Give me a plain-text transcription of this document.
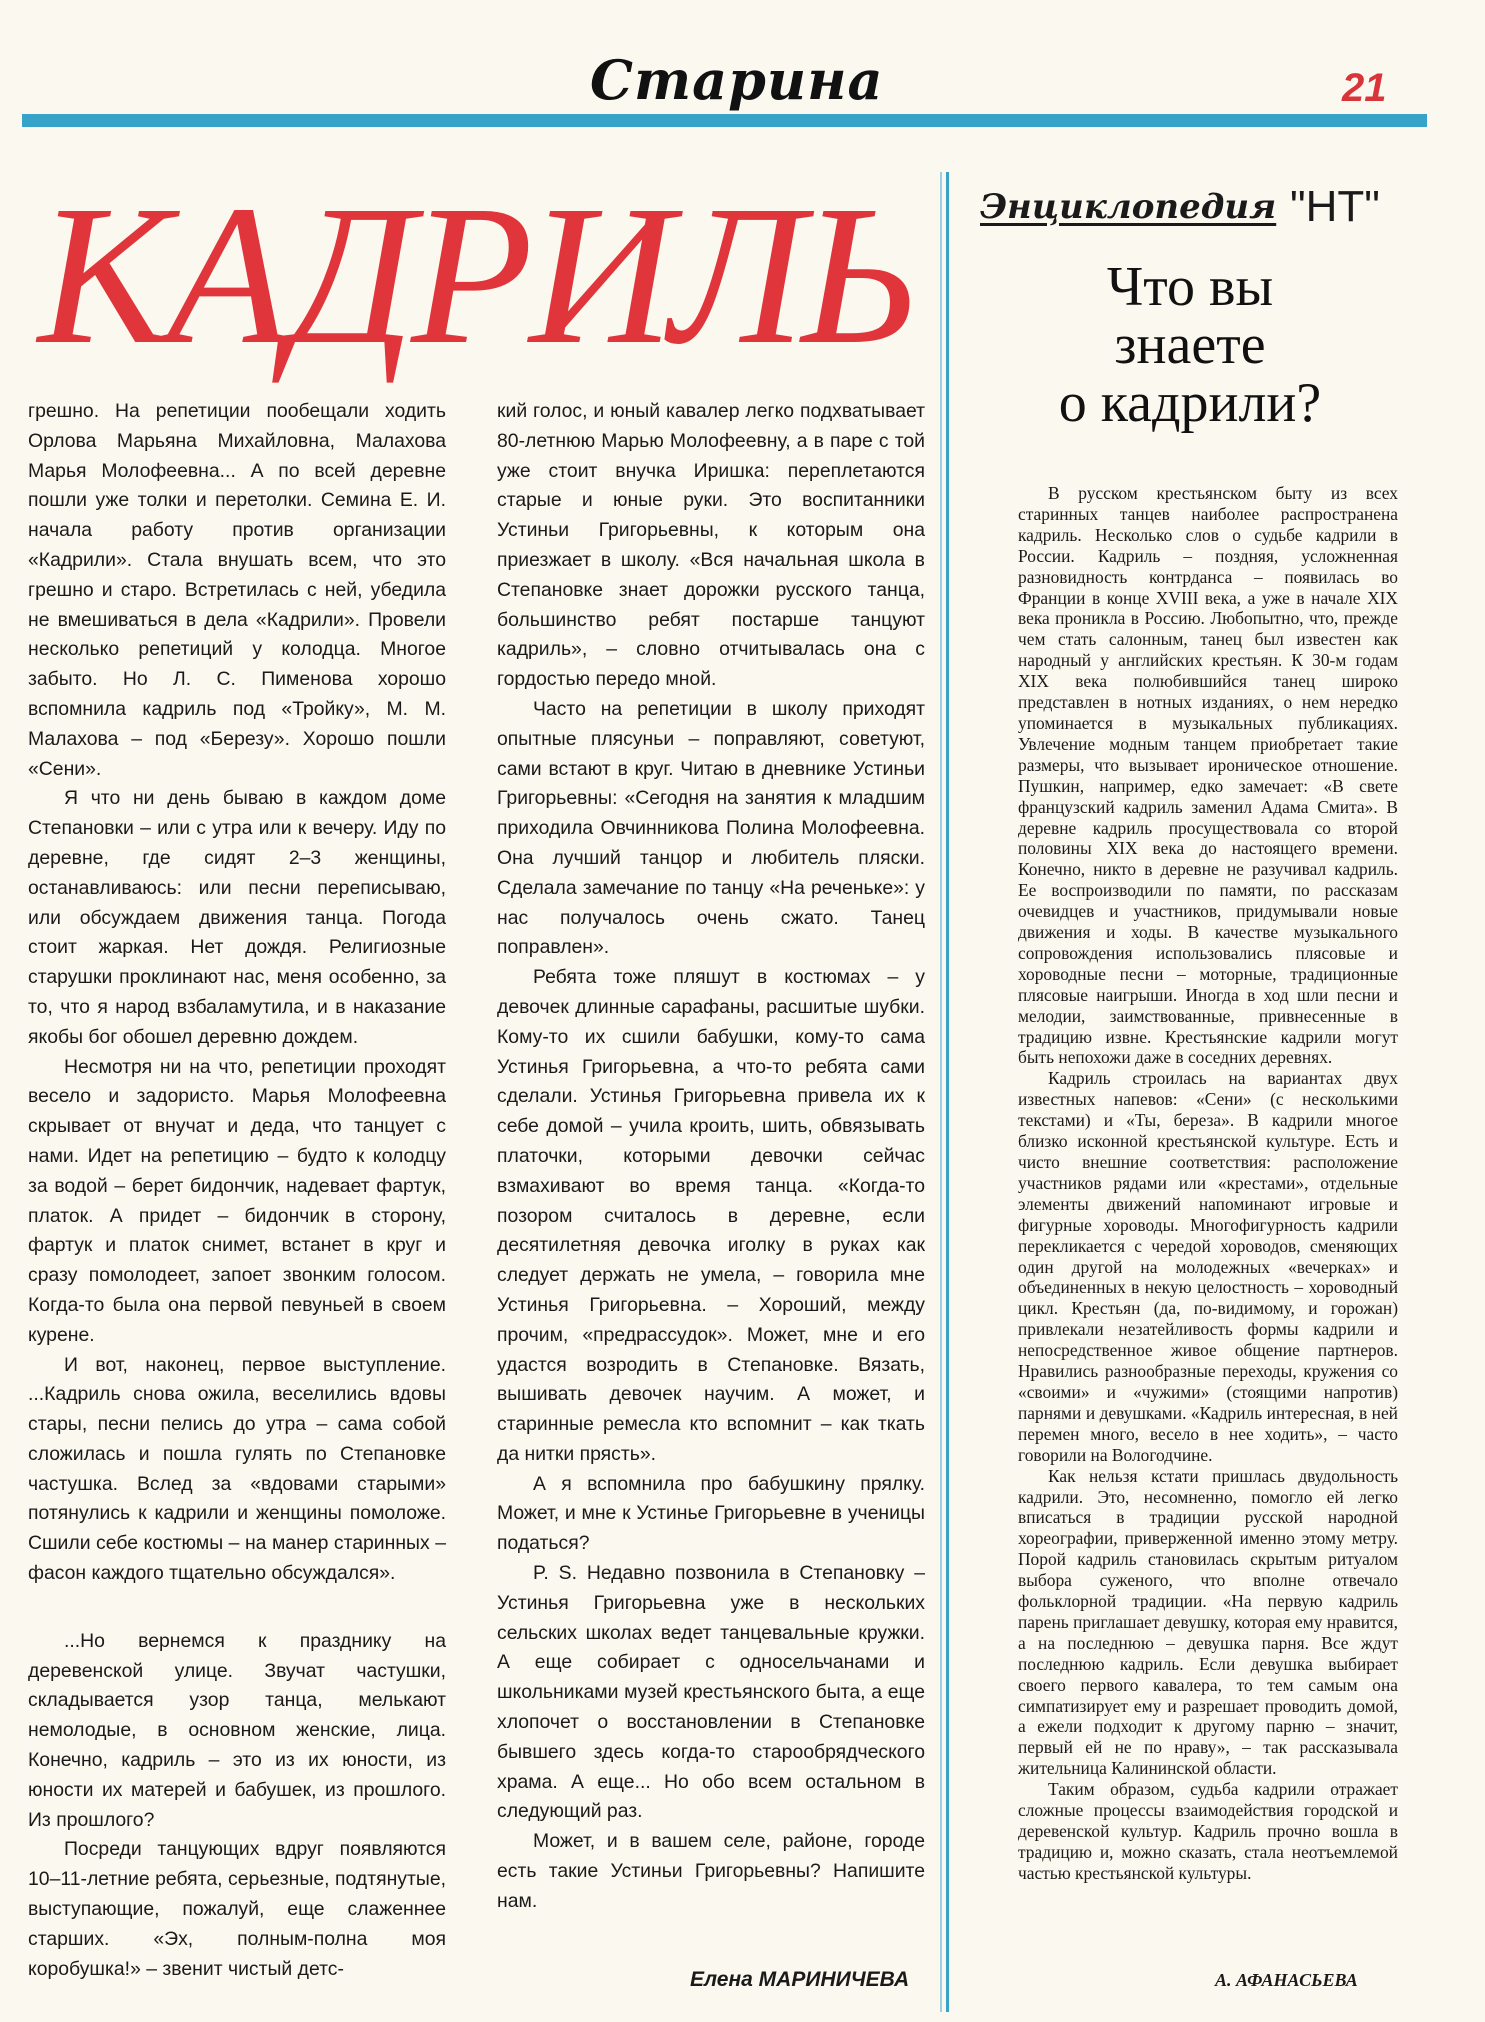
Старина	21
КАДРИЛЬ

грешно. На репетиции пообещали ходить Орлова Марьяна Михайловна, Малахова Марья Молофеевна... А по всей деревне пошли уже толки и перетолки. Семина Е. И. начала работу против организации «Кадрили». Стала внушать всем, что это грешно и старо. Встретилась с ней, убедила не вмешиваться в дела «Кадрили». Провели несколько репетиций у колодца. Многое забыто. Но Л. С. Пименова хорошо вспомнила кадриль под «Тройку», М. М. Малахова – под «Березу». Хорошо пошли «Сени».

Я что ни день бываю в каждом доме Степановки – или с утра или к вечеру. Иду по деревне, где сидят 2–3 женщины, останавливаюсь: или песни переписываю, или обсуждаем движения танца. Погода стоит жаркая. Нет дождя. Религиозные старушки проклинают нас, меня особенно, за то, что я народ взбаламутила, и в наказание якобы бог обошел деревню дождем.

Несмотря ни на что, репетиции проходят весело и задористо. Марья Молофеевна скрывает от внучат и деда, что танцует с нами. Идет на репетицию – будто к колодцу за водой – берет бидончик, надевает фартук, платок. А придет – бидончик в сторону, фартук и платок снимет, встанет в круг и сразу помолодеет, запоет звонким голосом. Когда-то была она первой певуньей в своем курене.

И вот, наконец, первое выступление. ...Кадриль снова ожила, веселились вдовы стары, песни пелись до утра – сама собой сложилась и пошла гулять по Степановке частушка. Вслед за «вдовами старыми» потянулись к кадрили и женщины помоложе. Сшили себе костюмы – на манер старинных – фасон каждого тщательно обсуждался».

...Но вернемся к празднику на деревенской улице. Звучат частушки, складывается узор танца, мелькают немолодые, в основном женские, лица. Конечно, кадриль – это из их юности, из юности их матерей и бабушек, из прошлого. Из прошлого?

Посреди танцующих вдруг появляются 10–11-летние ребята, серьезные, подтянутые, выступающие, пожалуй, еще слаженнее старших. «Эх, полным-полна моя коробушка!» – звенит чистый детс-

кий голос, и юный кавалер легко подхватывает 80-летнюю Марью Молофеевну, а в паре с той уже стоит внучка Иришка: переплетаются старые и юные руки. Это воспитанники Устиньи Григорьевны, к которым она приезжает в школу. «Вся начальная школа в Степановке знает дорожки русского танца, большинство ребят постарше танцуют кадриль», – словно отчитывалась она с гордостью передо мной.

Часто на репетиции в школу приходят опытные плясуньи – поправляют, советуют, сами встают в круг. Читаю в дневнике Устиньи Григорьевны: «Сегодня на занятия к младшим приходила Овчинникова Полина Молофеевна. Она лучший танцор и любитель пляски. Сделала замечание по танцу «На реченьке»: у нас получалось очень сжато. Танец поправлен».

Ребята тоже пляшут в костюмах – у девочек длинные сарафаны, расшитые шубки. Кому-то их сшили бабушки, кому-то сама Устинья Григорьевна, а что-то ребята сами сделали. Устинья Григорьевна привела их к себе домой – учила кроить, шить, обвязывать платочки, которыми девочки сейчас взмахивают во время танца. «Когда-то позором считалось в деревне, если десятилетняя девочка иголку в руках как следует держать не умела, – говорила мне Устинья Григорьевна. – Хороший, между прочим, «предрассудок». Может, мне и его удастся возродить в Степановке. Вязать, вышивать девочек научим. А может, и старинные ремесла кто вспомнит – как ткать да нитки прясть».

А я вспомнила про бабушкину прялку. Может, и мне к Устинье Григорьевне в ученицы податься?

P. S. Недавно позвонила в Степановку – Устинья Григорьевна уже в нескольких сельских школах ведет танцевальные кружки. А еще собирает с односельчанами и школьниками музей крестьянского быта, а еще хлопочет о восстановлении в Степановке бывшего здесь когда-то старообрядческого храма. А еще... Но обо всем остальном в следующий раз.

Может, и в вашем селе, районе, городе есть такие Устиньи Григорьевны? Напишите нам.

Елена МАРИНИЧЕВА
Энциклопедия "НТ"
Что вы
знаете
о кадрили?

В русском крестьянском быту из всех старинных танцев наиболее распространена кадриль. Несколько слов о судьбе кадрили в России. Кадриль – поздняя, усложненная разновидность контрданса – появилась во Франции в конце XVIII века, а уже в начале XIX века проникла в Россию. Любопытно, что, прежде чем стать салонным, танец был известен как народный у английских крестьян. К 30-м годам XIX века полюбившийся танец широко представлен в нотных изданиях, о нем нередко упоминается в музыкальных публикациях. Увлечение модным танцем приобретает такие размеры, что вызывает ироническое отношение. Пушкин, например, едко замечает: «В свете французский кадриль заменил Адама Смита». В деревне кадриль просуществовала со второй половины XIX века до настоящего времени. Конечно, никто в деревне не разучивал кадриль. Ее воспроизводили по памяти, по рассказам очевидцев и участников, придумывали новые движения и ходы. В качестве музыкального сопровождения использовались плясовые и хороводные песни – моторные, традиционные плясовые наигрыши. Иногда в ход шли песни и мелодии, заимствованные, привнесенные в традицию извне. Крестьянские кадрили могут быть непохожи даже в соседних деревнях.

Кадриль строилась на вариантах двух известных напевов: «Сени» (с несколькими текстами) и «Ты, береза». В кадрили многое близко исконной крестьянской культуре. Есть и чисто внешние соответствия: расположение участников рядами или «крестами», отдельные элементы движений напоминают игровые и фигурные хороводы. Многофигурность кадрили перекликается с чередой хороводов, сменяющих один другой на молодежных «вечерках» и объединенных в некую целостность – хороводный цикл. Крестьян (да, по-видимому, и горожан) привлекали незатейливость формы кадрили и непосредственное живое общение партнеров. Нравились разнообразные переходы, кружения со «своими» и «чужими» (стоящими напротив) парнями и девушками. «Кадриль интересная, в ней перемен много, весело в нее ходить», – часто говорили на Вологодчине.

Как нельзя кстати пришлась двудольность кадрили. Это, несомненно, помогло ей легко вписаться в традиции русской народной хореографии, приверженной именно этому метру. Порой кадриль становилась скрытым ритуалом выбора суженого, что вполне отвечало фольклорной традиции. «На первую кадриль парень приглашает девушку, которая ему нравится, а на последнюю – девушка парня. Все ждут последнюю кадриль. Если девушка выбирает своего первого кавалера, то тем самым она симпатизирует ему и разрешает проводить домой, а ежели подходит к другому парню – значит, первый ей не по нраву», – так рассказывала жительница Калининской области.

Таким образом, судьба кадрили отражает сложные процессы взаимодействия городской и деревенской культур. Кадриль прочно вошла в традицию и, можно сказать, стала неотъемлемой частью крестьянской культуры.

А. АФАНАСЬЕВА
